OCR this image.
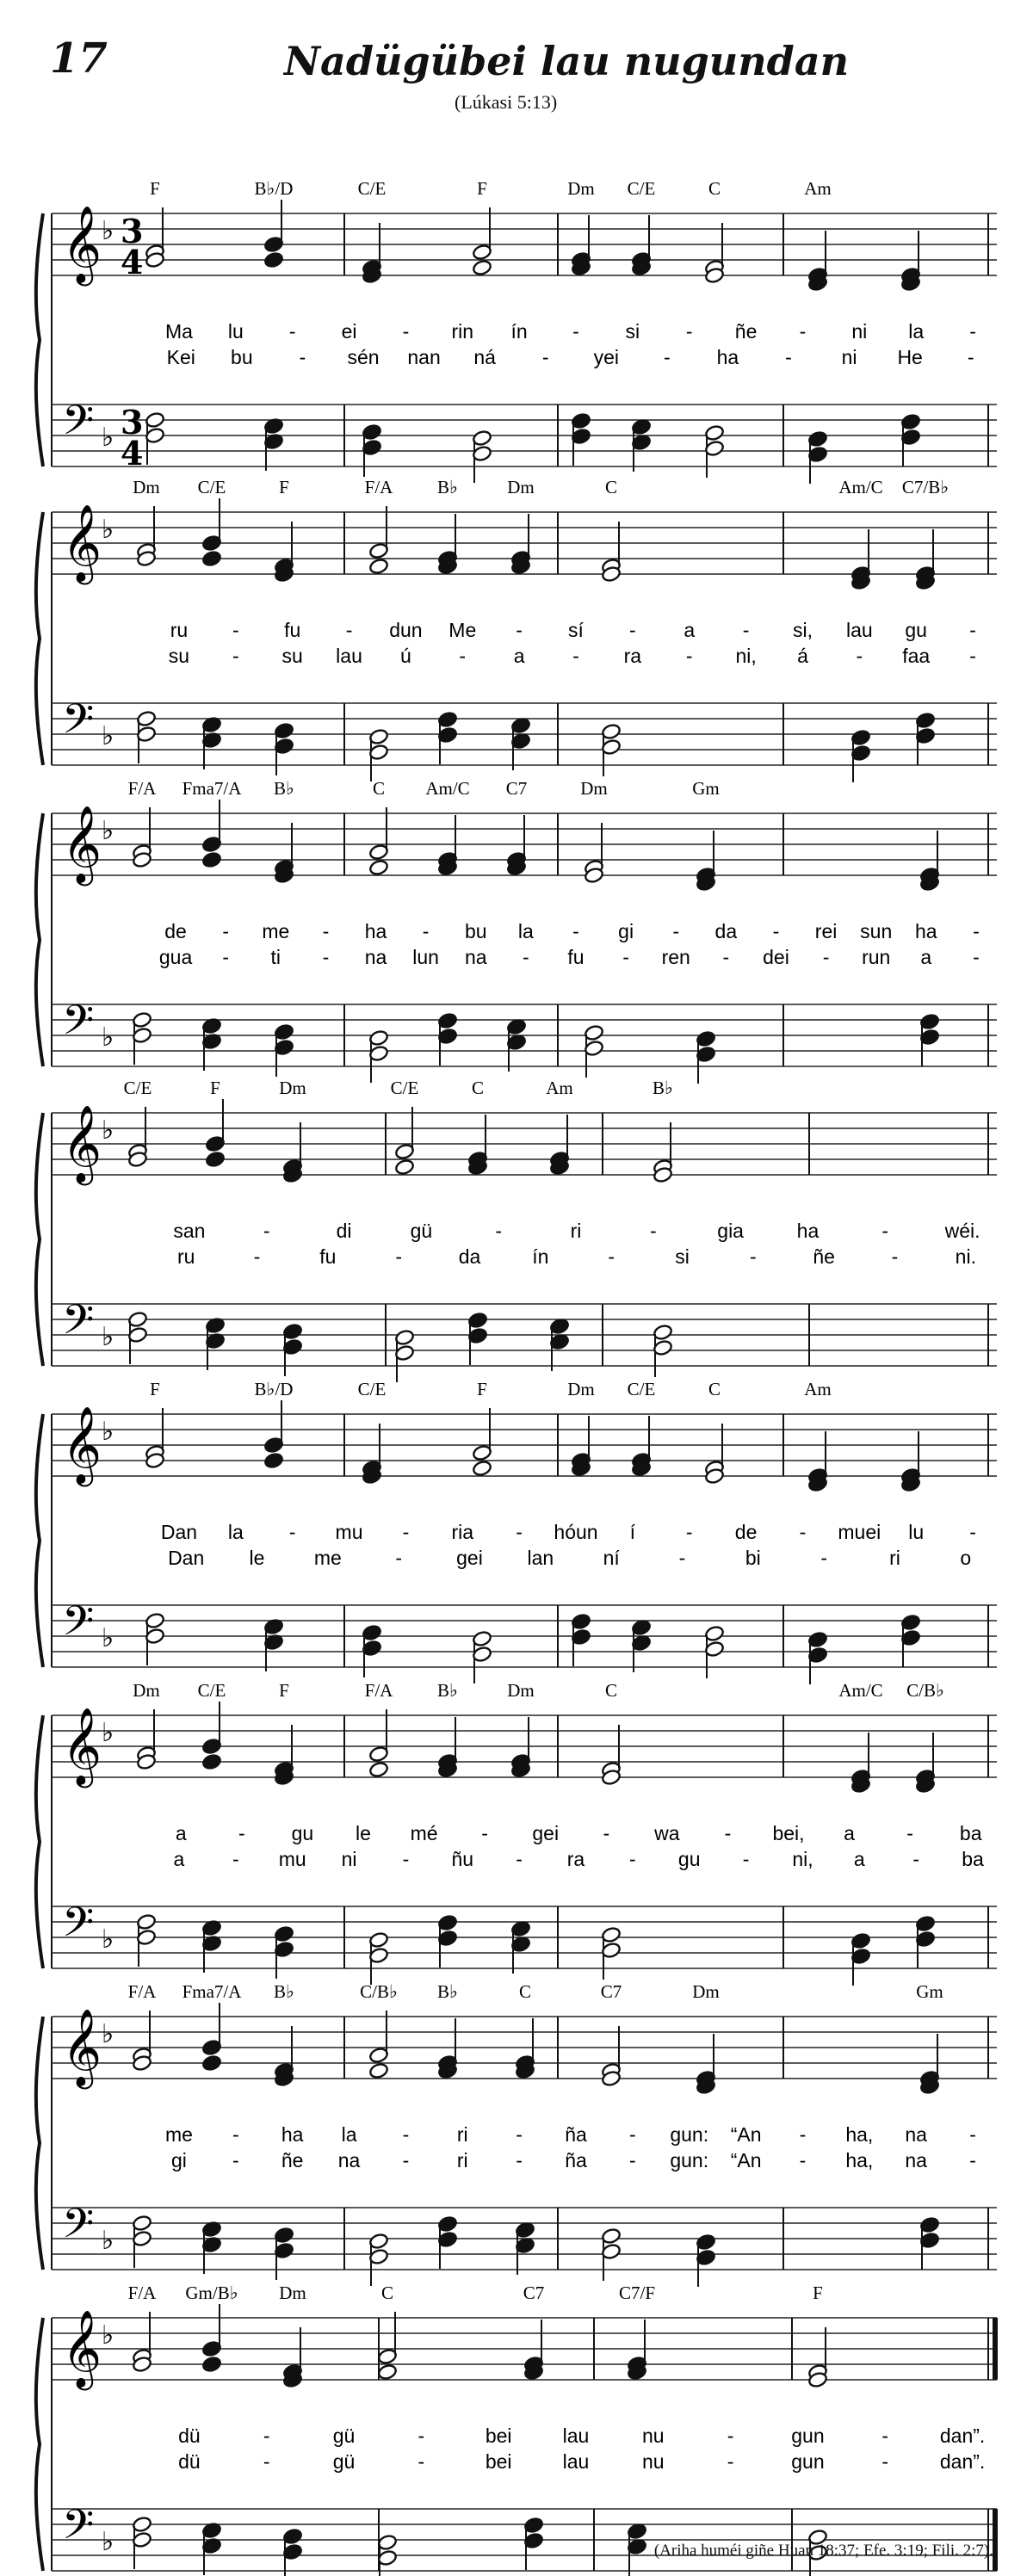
17	Nadügübei lau nugundan
(Lúkasi 5:13)
𝄞
𝄢
♭
♭
3
4
3
4
F	B♭/D	C/E	F	Dm C/E	C	Am
Ma lu - ei - rin ín - si - ñe - ni la -
Kei bu - sén nan ná - yei - ha -	ni He -
𝄞
𝄢
♭
♭
Dm C/E	F	F/A B♭	Dm	C	Am/C C7/B♭
ru - fu - dun Me - sí - a - si, lau gu -
su - su lau ú - a - ra - ni, á - faa -
𝄞
𝄢
♭
♭
F/A Fma7/A B♭	C Am/C C7	Dm	Gm
de - me - ha - bu la - gi - da - rei sun ha -
gua - ti - na lun na - fu - ren - dei - run a -
𝄞
𝄢
♭
♭
C/E	F	Dm	C/E	C	Am	B♭
san	-	di	gü	-	ri	-	gia	ha	-	wéi.
ru	-	fu	-	da	ín	-	si	-	ñe	-	ni.
𝄞
𝄢
♭
♭
F	B♭/D	C/E	F	Dm C/E	C	Am
Dan la - mu - ria - hóun í	- de - muei lu -
Dan le me	-	gei lan ní	-	bi	-	ri	o
𝄞
𝄢
♭
♭
Dm C/E	F	F/A B♭	Dm	C	Am/C C/B♭
a	- gu le mé - gei - wa - bei, a	- ba
a - mu ni - ñu - ra - gu - ni, a - ba
𝄞
𝄢
♭
♭
F/A Fma7/A B♭	C/B♭ B♭	C	C7	Dm	Gm
me - ha la - ri - ña - gun: “An - ha, na -
gi - ñe na - ri - ña - gun: “An - ha, na -
𝄞
𝄢
♭
♭
F/A Gm/B♭ Dm	C	C7	C7/F	F
dü	-	gü	-	bei	lau	nu	-	gun	-	dan”.
dü	-	gü	-	bei	lau	nu	-	gun	-	dan”.
(Ariha huméi giñe Huan 18:37; Efe. 3:19; Fili. 2:7).
